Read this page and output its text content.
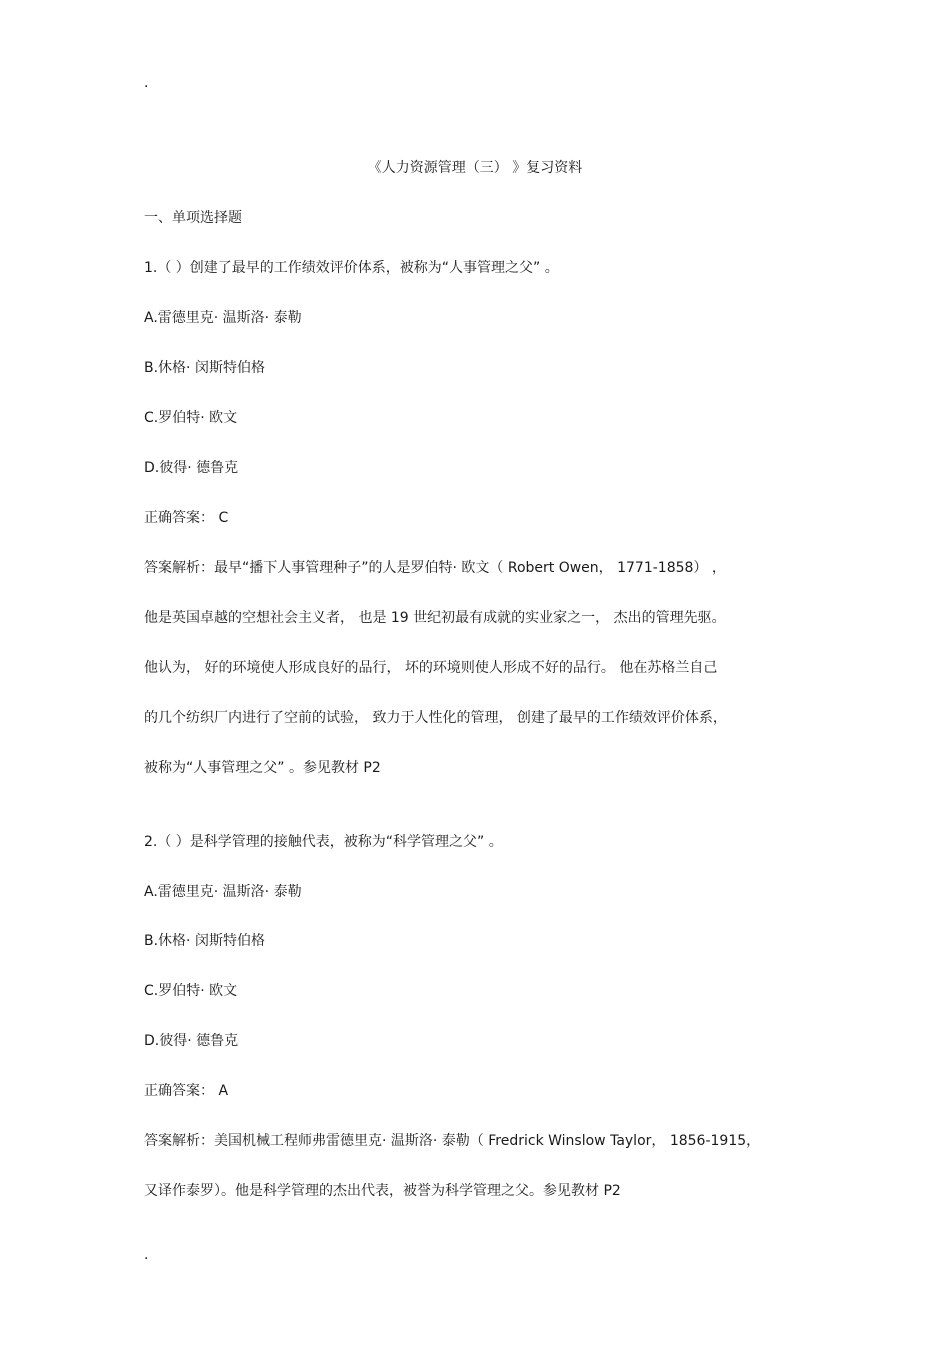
.
《人力资源管理（三） 》复习资料
一、单项选择题
1.（ ）创建了最早的工作绩效评价体系，被称为“人事管理之父” 。
A.雷德里克· 温斯洛· 泰勒
B.休格· 闵斯特伯格
C.罗伯特· 欧文
D.彼得· 德鲁克
正确答案： C
答案解析：最早“播下人事管理种子”的人是罗伯特· 欧文（ Robert Owen， 1771-1858） ，
他是英国卓越的空想社会主义者， 也是 19 世纪初最有成就的实业家之一， 杰出的管理先驱。
他认为， 好的环境使人形成良好的品行， 坏的环境则使人形成不好的品行。 他在苏格兰自己
的几个纺织厂内进行了空前的试验， 致力于人性化的管理， 创建了最早的工作绩效评价体系，
被称为“人事管理之父” 。参见教材 P2
2.（ ）是科学管理的接触代表，被称为“科学管理之父” 。
A.雷德里克· 温斯洛· 泰勒
B.休格· 闵斯特伯格
C.罗伯特· 欧文
D.彼得· 德鲁克
正确答案： A
答案解析：美国机械工程师弗雷德里克· 温斯洛· 泰勒（ Fredrick Winslow Taylor， 1856-1915，
又译作泰罗）。他是科学管理的杰出代表，被誉为科学管理之父。参见教材 P2
.
